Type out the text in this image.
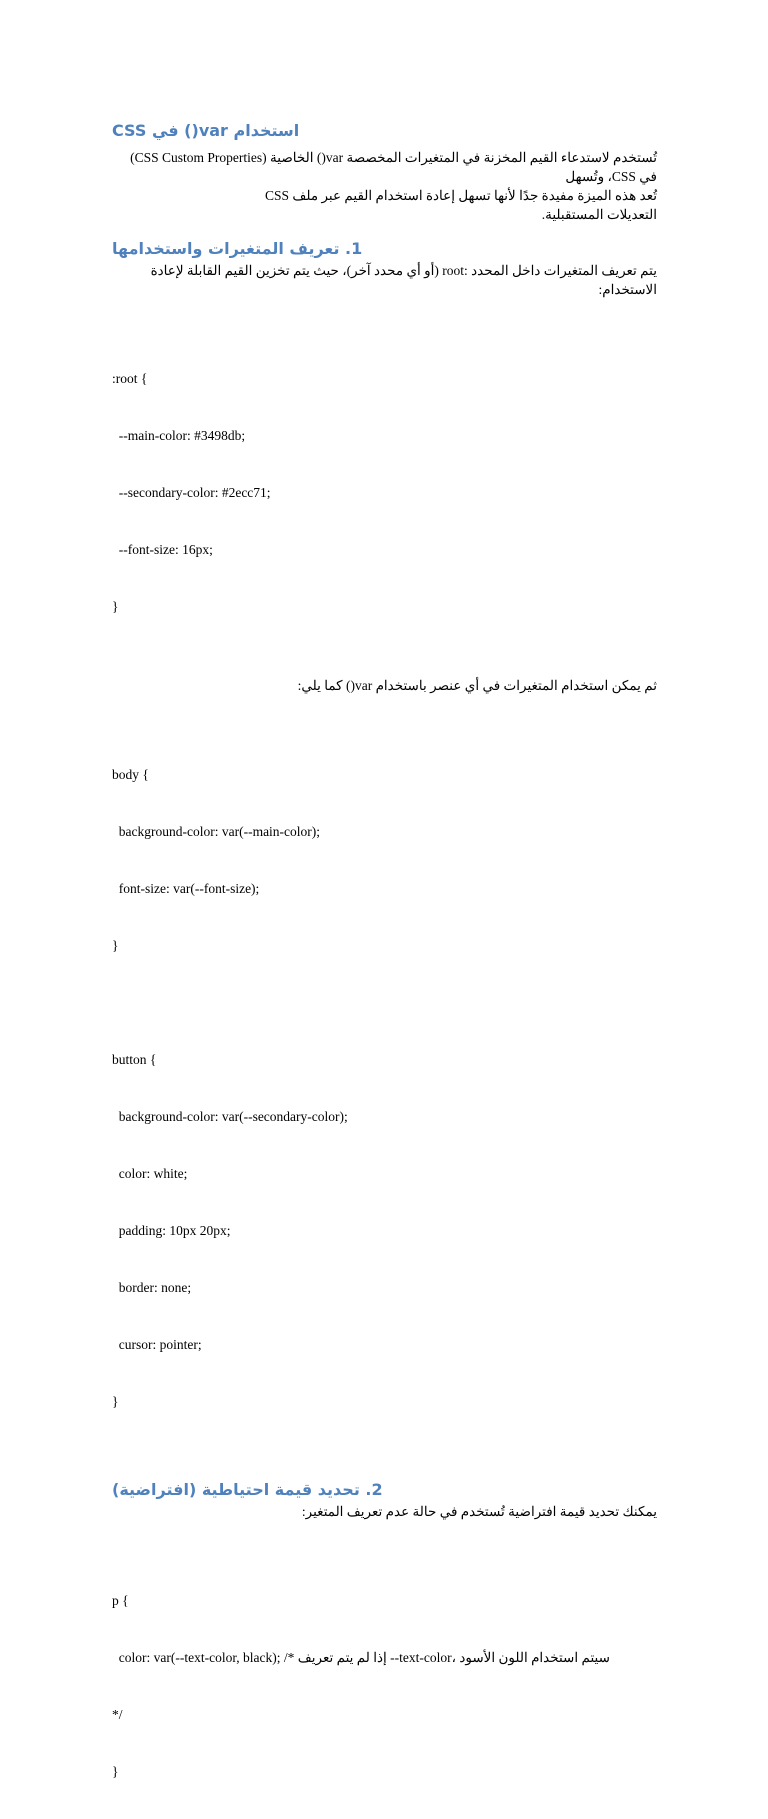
استخدام var() في CSS
تُستخدم لاستدعاء القيم المخزنة في المتغيرات المخصصة var() الخاصية (CSS Custom Properties) في CSS، وتُسهل
تُعد هذه الميزة مفيدة جدًا لأنها تسهل إعادة استخدام القيم عبر ملف CSS
التعديلات المستقبلية.
1. تعريف المتغيرات واستخدامها
يتم تعريف المتغيرات داخل المحدد :root (أو أي محدد آخر)، حيث يتم تخزين القيم القابلة لإعادة
الاستخدام:

:root {

--main-color: #3498db;

--secondary-color: #2ecc71;

--font-size: 16px;

}

ثم يمكن استخدام المتغيرات في أي عنصر باستخدام var() كما يلي:

body {

background-color: var(--main-color);

font-size: var(--font-size);

}

button {

background-color: var(--secondary-color);

color: white;

padding: 10px 20px;

border: none;

cursor: pointer;

}

2. تحديد قيمة احتياطية (افتراضية)
يمكنك تحديد قيمة افتراضية تُستخدم في حالة عدم تعريف المتغير:

p {

color: var(--text-color, black); /* إذا لم يتم تعريف --text-color، سيتم استخدام اللون الأسود

*/

}
